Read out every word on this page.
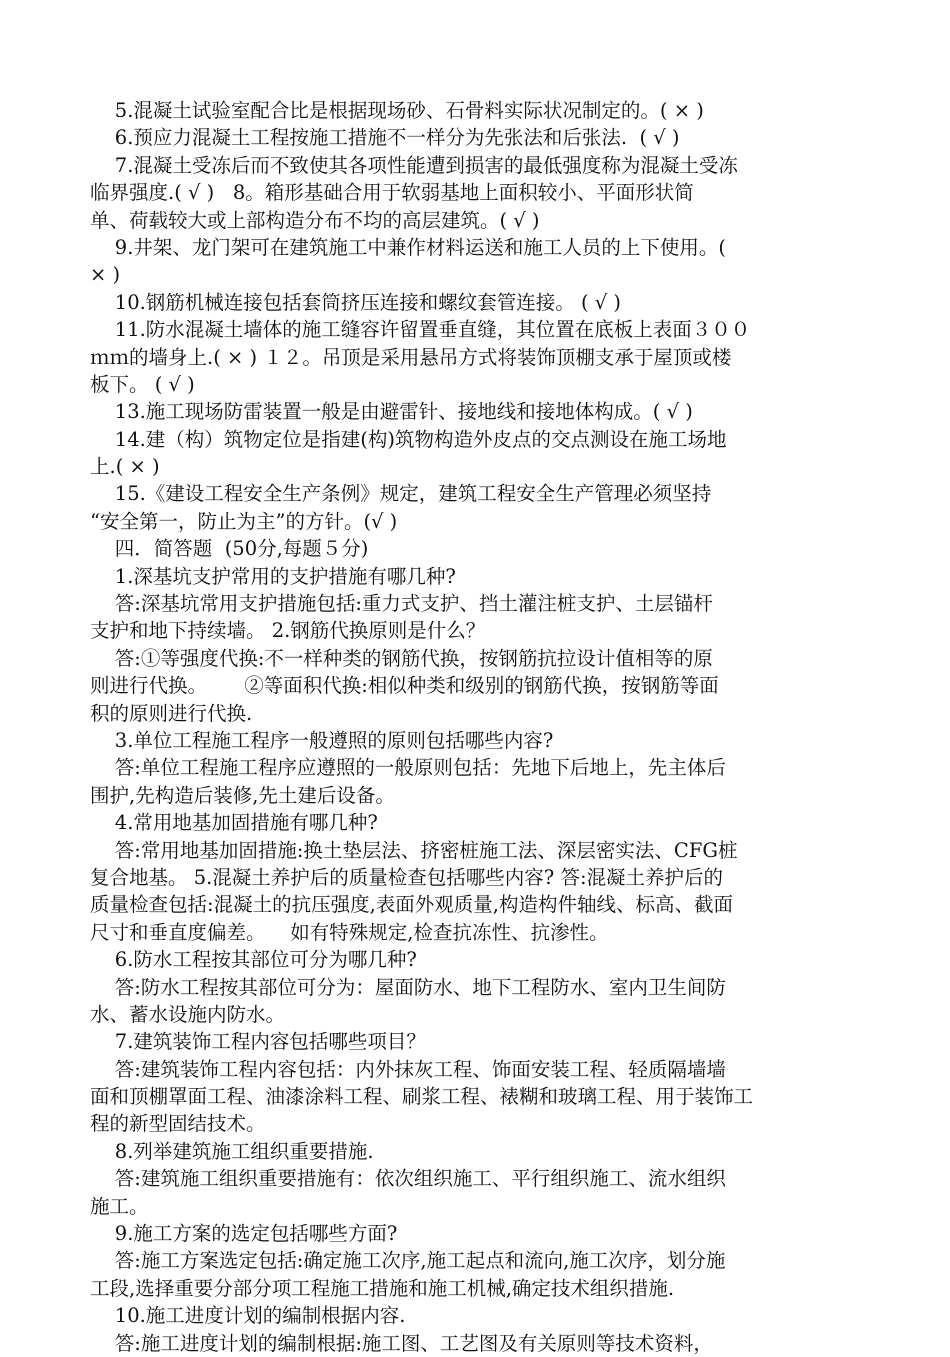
5.混凝土试验室配合比是根据现场砂、石骨料实际状况制定的。( × )
6.预应力混凝土工程按施工措施不一样分为先张法和后张法.  ( √ )
7.混凝土受冻后而不致使其各项性能遭到损害的最低强度称为混凝土受冻
临界强度.( √ )   8。箱形基础合用于软弱基地上面积较小、平面形状简
单、荷载较大或上部构造分布不均的高层建筑。( √ )
9.井架、龙门架可在建筑施工中兼作材料运送和施工人员的上下使用。(
× )
10.钢筋机械连接包括套筒挤压连接和螺纹套管连接。 ( √ )
11.防水混凝土墙体的施工缝容许留置垂直缝，其位置在底板上表面３００
ｍｍ的墙身上.( × ) １２。吊顶是采用悬吊方式将装饰顶棚支承于屋顶或楼
板下。 ( √ )
13.施工现场防雷装置一般是由避雷针、接地线和接地体构成。( √ )
14.建（构）筑物定位是指建(构)筑物构造外皮点的交点测设在施工场地
上.( × )
15.《建设工程安全生产条例》规定，建筑工程安全生产管理必须坚持
“安全第一，防止为主”的方针。(√ )
四．简答题  (50分,每题５分)
1.深基坑支护常用的支护措施有哪几种?
答:深基坑常用支护措施包括:重力式支护、挡土灌注桩支护、土层锚杆
支护和地下持续墙。 2.钢筋代换原则是什么？
答:①等强度代换:不一样种类的钢筋代换，按钢筋抗拉设计值相等的原
则进行代换。      ②等面积代换:相似种类和级别的钢筋代换，按钢筋等面
积的原则进行代换.
3.单位工程施工程序一般遵照的原则包括哪些内容?
答:单位工程施工程序应遵照的一般原则包括：先地下后地上，先主体后
围护,先构造后装修,先土建后设备。
4.常用地基加固措施有哪几种?
答:常用地基加固措施:换土垫层法、挤密桩施工法、深层密实法、CFG桩
复合地基。 5.混凝土养护后的质量检查包括哪些内容? 答:混凝土养护后的
质量检查包括:混凝土的抗压强度,表面外观质量,构造构件轴线、标高、截面
尺寸和垂直度偏差。    如有特殊规定,检查抗冻性、抗渗性。
6.防水工程按其部位可分为哪几种?
答:防水工程按其部位可分为：屋面防水、地下工程防水、室内卫生间防
水、蓄水设施内防水。
7.建筑装饰工程内容包括哪些项目？
答:建筑装饰工程内容包括：内外抹灰工程、饰面安装工程、轻质隔墙墙
面和顶棚罩面工程、油漆涂料工程、刷浆工程、裱糊和玻璃工程、用于装饰工
程的新型固结技术。
8.列举建筑施工组织重要措施.
答:建筑施工组织重要措施有：依次组织施工、平行组织施工、流水组织
施工。
9.施工方案的选定包括哪些方面?
答:施工方案选定包括:确定施工次序,施工起点和流向,施工次序，划分施
工段,选择重要分部分项工程施工措施和施工机械,确定技术组织措施.
10.施工进度计划的编制根据内容.
答:施工进度计划的编制根据:施工图、工艺图及有关原则等技术资料，
